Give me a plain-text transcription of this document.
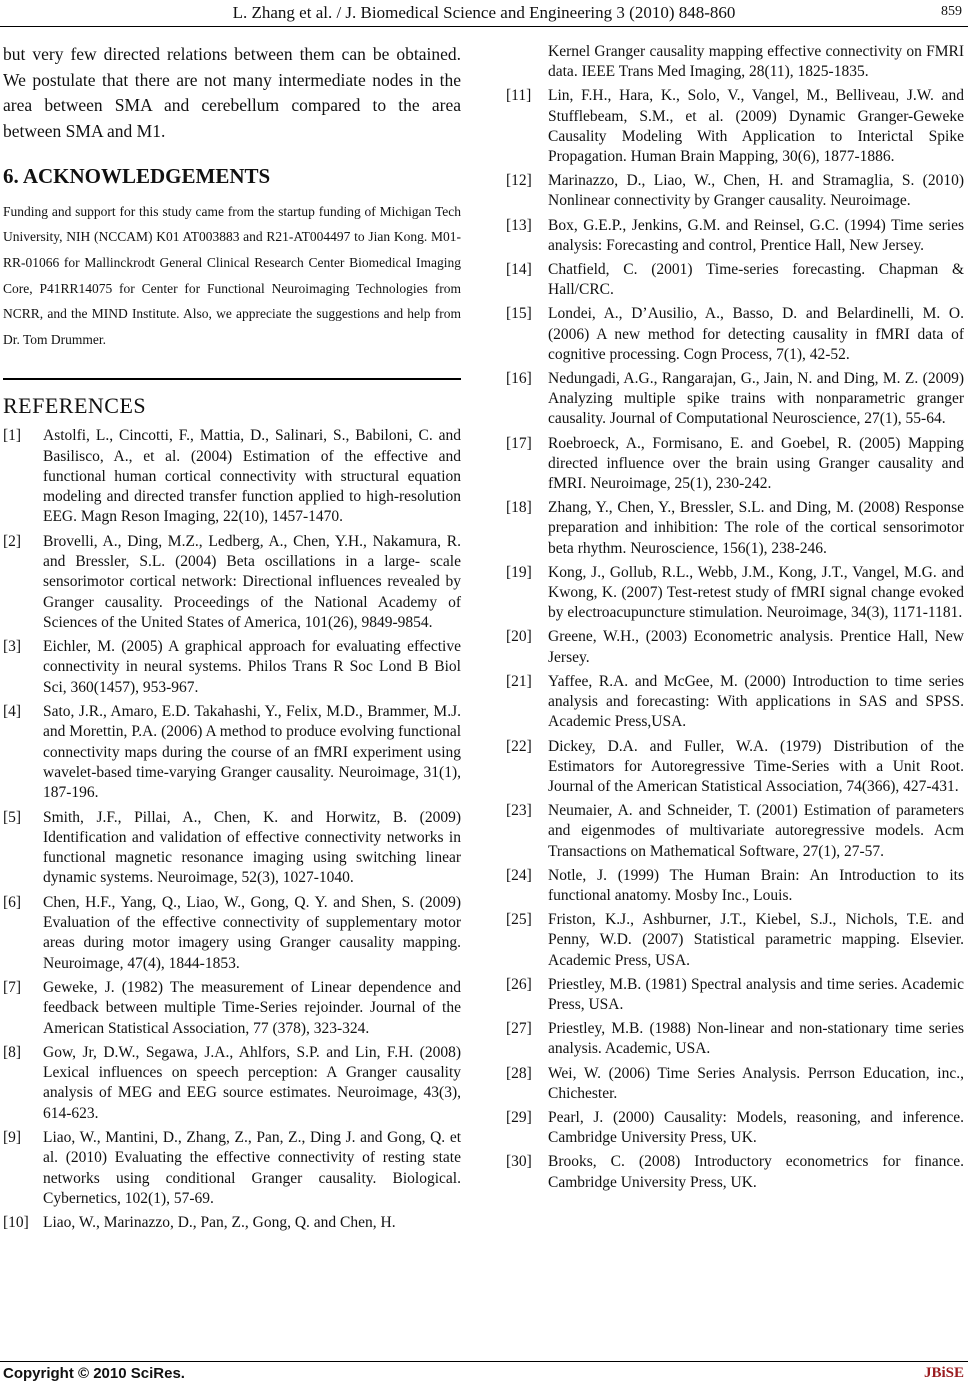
L. Zhang et al. / J. Biomedical Science and Engineering 3 (2010) 848-860	859

but very few directed relations between them can be obtained. We postulate that there are not many intermediate nodes in the area between SMA and cerebellum compared to the area between SMA and M1.

6. ACKNOWLEDGEMENTS

Funding and support for this study came from the startup funding of Michigan Tech University, NIH (NCCAM) K01 AT003883 and R21-AT004497 to Jian Kong. M01-RR-01066 for Mallinckrodt General Clinical Research Center Biomedical Imaging Core, P41RR14075 for Center for Functional Neuroimaging Technologies from NCRR, and the MIND Institute. Also, we appreciate the suggestions and help from Dr. Tom Drummer.

REFERENCES
[1]	Astolfi, L., Cincotti, F., Mattia, D., Salinari, S., Babiloni, C. and Basilisco, A., et al. (2004) Estimation of the effective and functional human cortical connectivity with structural equation modeling and directed transfer function applied to high-resolution EEG. Magn Reson Imaging, 22(10), 1457-1470.
[2]	Brovelli, A., Ding, M.Z., Ledberg, A., Chen, Y.H., Nakamura, R. and Bressler, S.L. (2004) Beta oscillations in a large- scale sensorimotor cortical network: Directional influences revealed by Granger causality. Proceedings of the National Academy of Sciences of the United States of America, 101(26), 9849-9854.
[3]	Eichler, M. (2005) A graphical approach for evaluating effective connectivity in neural systems. Philos Trans R Soc Lond B Biol Sci, 360(1457), 953-967.
[4]	Sato, J.R., Amaro, E.D. Takahashi, Y., Felix, M.D., Brammer, M.J. and Morettin, P.A. (2006) A method to produce evolving functional connectivity maps during the course of an fMRI experiment using wavelet-based time-varying Granger causality. Neuroimage, 31(1), 187-196.
[5]	Smith, J.F., Pillai, A., Chen, K. and Horwitz, B. (2009) Identification and validation of effective connectivity networks in functional magnetic resonance imaging using switching linear dynamic systems. Neuroimage, 52(3), 1027-1040.
[6]	Chen, H.F., Yang, Q., Liao, W., Gong, Q. Y. and Shen, S. (2009) Evaluation of the effective connectivity of supplementary motor areas during motor imagery using Granger causality mapping. Neuroimage, 47(4), 1844-1853.
[7]	Geweke, J. (1982) The measurement of Linear dependence and feedback between multiple Time-Series rejoinder. Journal of the American Statistical Association, 77 (378), 323-324.
[8]	Gow, Jr, D.W., Segawa, J.A., Ahlfors, S.P. and Lin, F.H. (2008) Lexical influences on speech perception: A Granger causality analysis of MEG and EEG source estimates. Neuroimage, 43(3), 614-623.
[9]	Liao, W., Mantini, D., Zhang, Z., Pan, Z., Ding J. and Gong, Q. et al. (2010) Evaluating the effective connectivity of resting state networks using conditional Granger causality. Biological. Cybernetics, 102(1), 57-69.
[10] Liao, W., Marinazzo, D., Pan, Z., Gong, Q. and Chen, H.
Kernel Granger causality mapping effective connectivity on FMRI data. IEEE Trans Med Imaging, 28(11), 1825-1835.
[11]	Lin, F.H., Hara, K., Solo, V., Vangel, M., Belliveau, J.W. and Stufflebeam, S.M., et al. (2009) Dynamic Granger-Geweke Causality Modeling With Application to Interictal Spike Propagation. Human Brain Mapping, 30(6), 1877-1886.
[12]	Marinazzo, D., Liao, W., Chen, H. and Stramaglia, S. (2010) Nonlinear connectivity by Granger causality. Neuroimage.
[13]	Box, G.E.P., Jenkins, G.M. and Reinsel, G.C. (1994) Time series analysis: Forecasting and control, Prentice Hall, New Jersey.
[14]	Chatfield, C. (2001) Time-series forecasting. Chapman & Hall/CRC.
[15]	Londei, A., D’Ausilio, A., Basso, D. and Belardinelli, M. O. (2006) A new method for detecting causality in fMRI data of cognitive processing. Cogn Process, 7(1), 42-52.
[16]	Nedungadi, A.G., Rangarajan, G., Jain, N. and Ding, M. Z. (2009) Analyzing multiple spike trains with nonparametric granger causality. Journal of Computational Neuroscience, 27(1), 55-64.
[17]	Roebroeck, A., Formisano, E. and Goebel, R. (2005) Mapping directed influence over the brain using Granger causality and fMRI. Neuroimage, 25(1), 230-242.
[18]	Zhang, Y., Chen, Y., Bressler, S.L. and Ding, M. (2008) Response preparation and inhibition: The role of the cortical sensorimotor beta rhythm. Neuroscience, 156(1), 238-246.
[19]	Kong, J., Gollub, R.L., Webb, J.M., Kong, J.T., Vangel, M.G. and Kwong, K. (2007) Test-retest study of fMRI signal change evoked by electroacupuncture stimulation. Neuroimage, 34(3), 1171-1181.
[20]	Greene, W.H., (2003) Econometric analysis. Prentice Hall, New Jersey.
[21]	Yaffee, R.A. and McGee, M. (2000) Introduction to time series analysis and forecasting: With applications in SAS and SPSS. Academic Press,USA.
[22]	Dickey, D.A. and Fuller, W.A. (1979) Distribution of the Estimators for Autoregressive Time-Series with a Unit Root. Journal of the American Statistical Association, 74(366), 427-431.
[23]	Neumaier, A. and Schneider, T. (2001) Estimation of parameters and eigenmodes of multivariate autoregressive models. Acm Transactions on Mathematical Software, 27(1), 27-57.
[24]	Notle, J. (1999) The Human Brain: An Introduction to its functional anatomy. Mosby Inc., Louis.
[25]	Friston, K.J., Ashburner, J.T., Kiebel, S.J., Nichols, T.E. and Penny, W.D. (2007) Statistical parametric mapping. Elsevier. Academic Press, USA.
[26]	Priestley, M.B. (1981) Spectral analysis and time series. Academic Press, USA.
[27]	Priestley, M.B. (1988) Non-linear and non-stationary time series analysis. Academic, USA.
[28]	Wei, W. (2006) Time Series Analysis. Perrson Education, inc., Chichester.
[29]	Pearl, J. (2000) Causality: Models, reasoning, and inference. Cambridge University Press, UK.
[30]	Brooks, C. (2008) Introductory econometrics for finance. Cambridge University Press, UK.
Copyright © 2010 SciRes.	JBiSE
